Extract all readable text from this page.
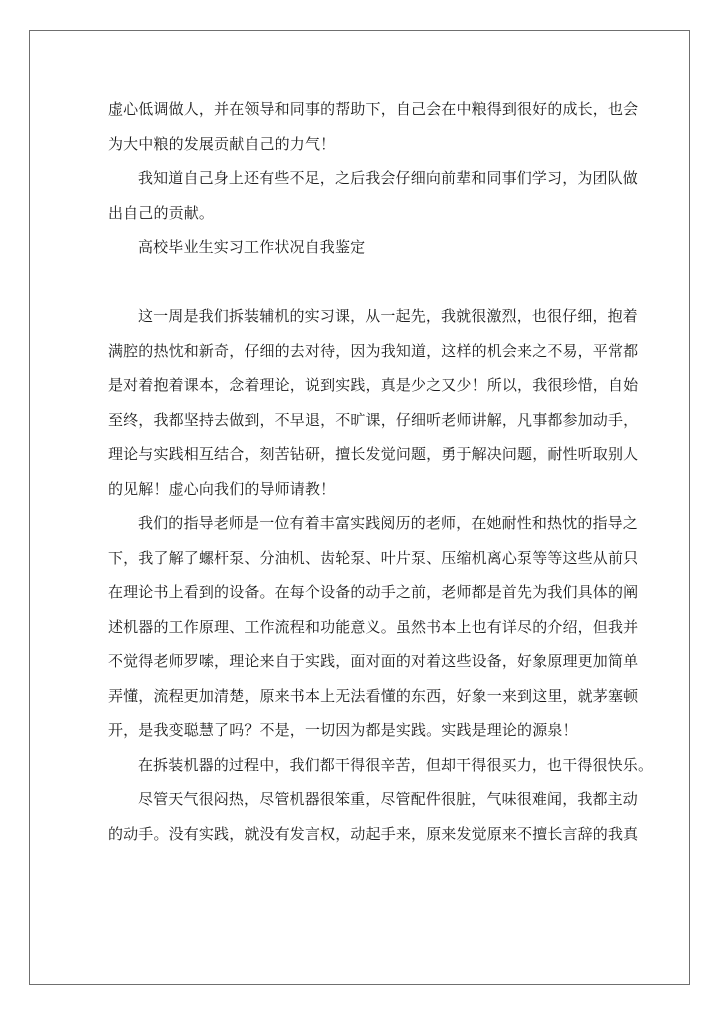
虚心低调做人，并在领导和同事的帮助下，自己会在中粮得到很好的成长，也会
为大中粮的发展贡献自己的力气！
我知道自己身上还有些不足，之后我会仔细向前辈和同事们学习，为团队做
出自己的贡献。
高校毕业生实习工作状况自我鉴定
这一周是我们拆装辅机的实习课，从一起先，我就很激烈，也很仔细，抱着
满腔的热忱和新奇，仔细的去对待，因为我知道，这样的机会来之不易，平常都
是对着抱着课本，念着理论，说到实践，真是少之又少！所以，我很珍惜，自始
至终，我都坚持去做到，不早退，不旷课，仔细听老师讲解，凡事都参加动手，
理论与实践相互结合，刻苦钻研，擅长发觉问题，勇于解决问题，耐性听取别人
的见解！虚心向我们的导师请教！
我们的指导老师是一位有着丰富实践阅历的老师，在她耐性和热忱的指导之
下，我了解了螺杆泵、分油机、齿轮泵、叶片泵、压缩机离心泵等等这些从前只
在理论书上看到的设备。在每个设备的动手之前，老师都是首先为我们具体的阐
述机器的工作原理、工作流程和功能意义。虽然书本上也有详尽的介绍，但我并
不觉得老师罗嗦，理论来自于实践，面对面的对着这些设备，好象原理更加简单
弄懂，流程更加清楚，原来书本上无法看懂的东西，好象一来到这里，就茅塞顿
开，是我变聪慧了吗？不是，一切因为都是实践。实践是理论的源泉！
在拆装机器的过程中，我们都干得很辛苦，但却干得很买力，也干得很快乐。
尽管天气很闷热，尽管机器很笨重，尽管配件很脏，气味很难闻，我都主动
的动手。没有实践，就没有发言权，动起手来，原来发觉原来不擅长言辞的我真
